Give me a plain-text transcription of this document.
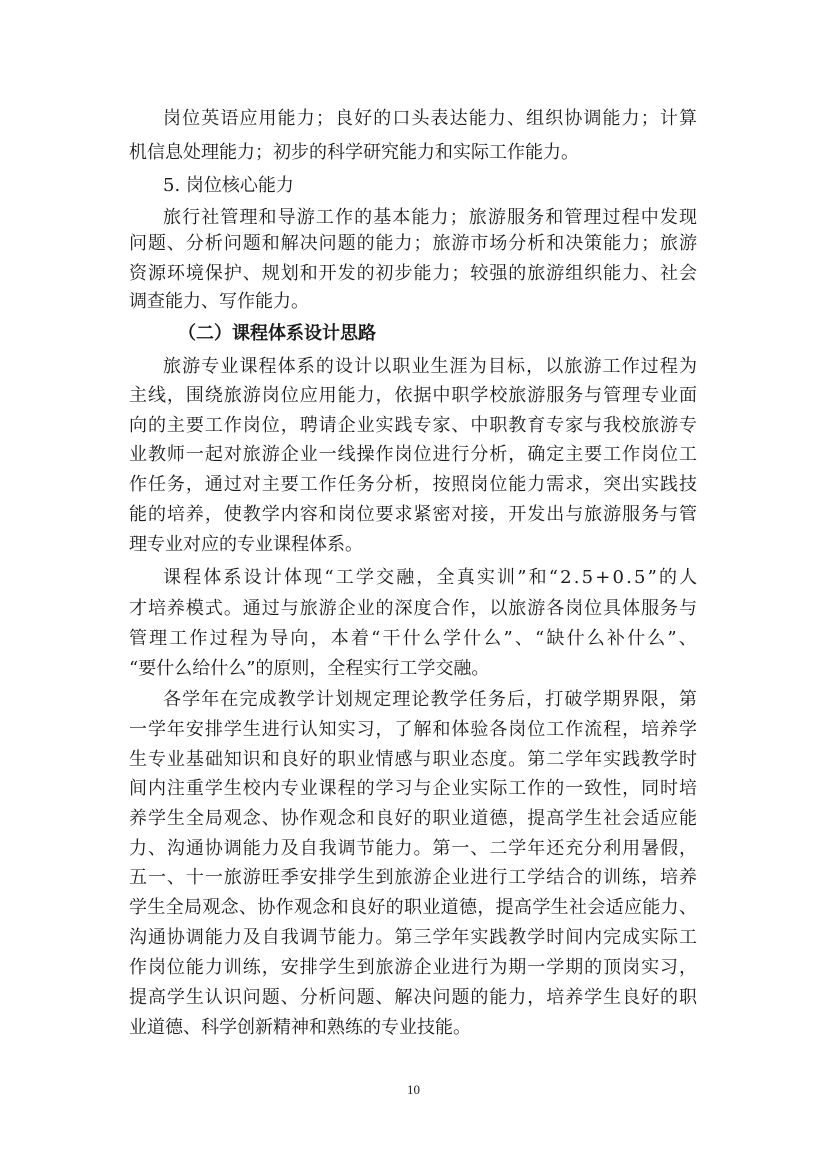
岗位英语应用能力；良好的口头表达能力、组织协调能力；计算
机信息处理能力；初步的科学研究能力和实际工作能力。
5. 岗位核心能力
旅行社管理和导游工作的基本能力；旅游服务和管理过程中发现
问题、分析问题和解决问题的能力；旅游市场分析和决策能力；旅游
资源环境保护、规划和开发的初步能力；较强的旅游组织能力、社会
调查能力、写作能力。
（二）课程体系设计思路
旅游专业课程体系的设计以职业生涯为目标，以旅游工作过程为
主线，围绕旅游岗位应用能力，依据中职学校旅游服务与管理专业面
向的主要工作岗位，聘请企业实践专家、中职教育专家与我校旅游专
业教师一起对旅游企业一线操作岗位进行分析，确定主要工作岗位工
作任务，通过对主要工作任务分析，按照岗位能力需求，突出实践技
能的培养，使教学内容和岗位要求紧密对接，开发出与旅游服务与管
理专业对应的专业课程体系。
课程体系设计体现“工学交融，全真实训”和“2.5+0.5”的人
才培养模式。通过与旅游企业的深度合作，以旅游各岗位具体服务与
管理工作过程为导向，本着“干什么学什么”、“缺什么补什么”、
“要什么给什么”的原则，全程实行工学交融。
各学年在完成教学计划规定理论教学任务后，打破学期界限，第
一学年安排学生进行认知实习，了解和体验各岗位工作流程，培养学
生专业基础知识和良好的职业情感与职业态度。第二学年实践教学时
间内注重学生校内专业课程的学习与企业实际工作的一致性，同时培
养学生全局观念、协作观念和良好的职业道德，提高学生社会适应能
力、沟通协调能力及自我调节能力。第一、二学年还充分利用暑假，
五一、十一旅游旺季安排学生到旅游企业进行工学结合的训练，培养
学生全局观念、协作观念和良好的职业道德，提高学生社会适应能力、
沟通协调能力及自我调节能力。第三学年实践教学时间内完成实际工
作岗位能力训练，安排学生到旅游企业进行为期一学期的顶岗实习，
提高学生认识问题、分析问题、解决问题的能力，培养学生良好的职
业道德、科学创新精神和熟练的专业技能。
10
